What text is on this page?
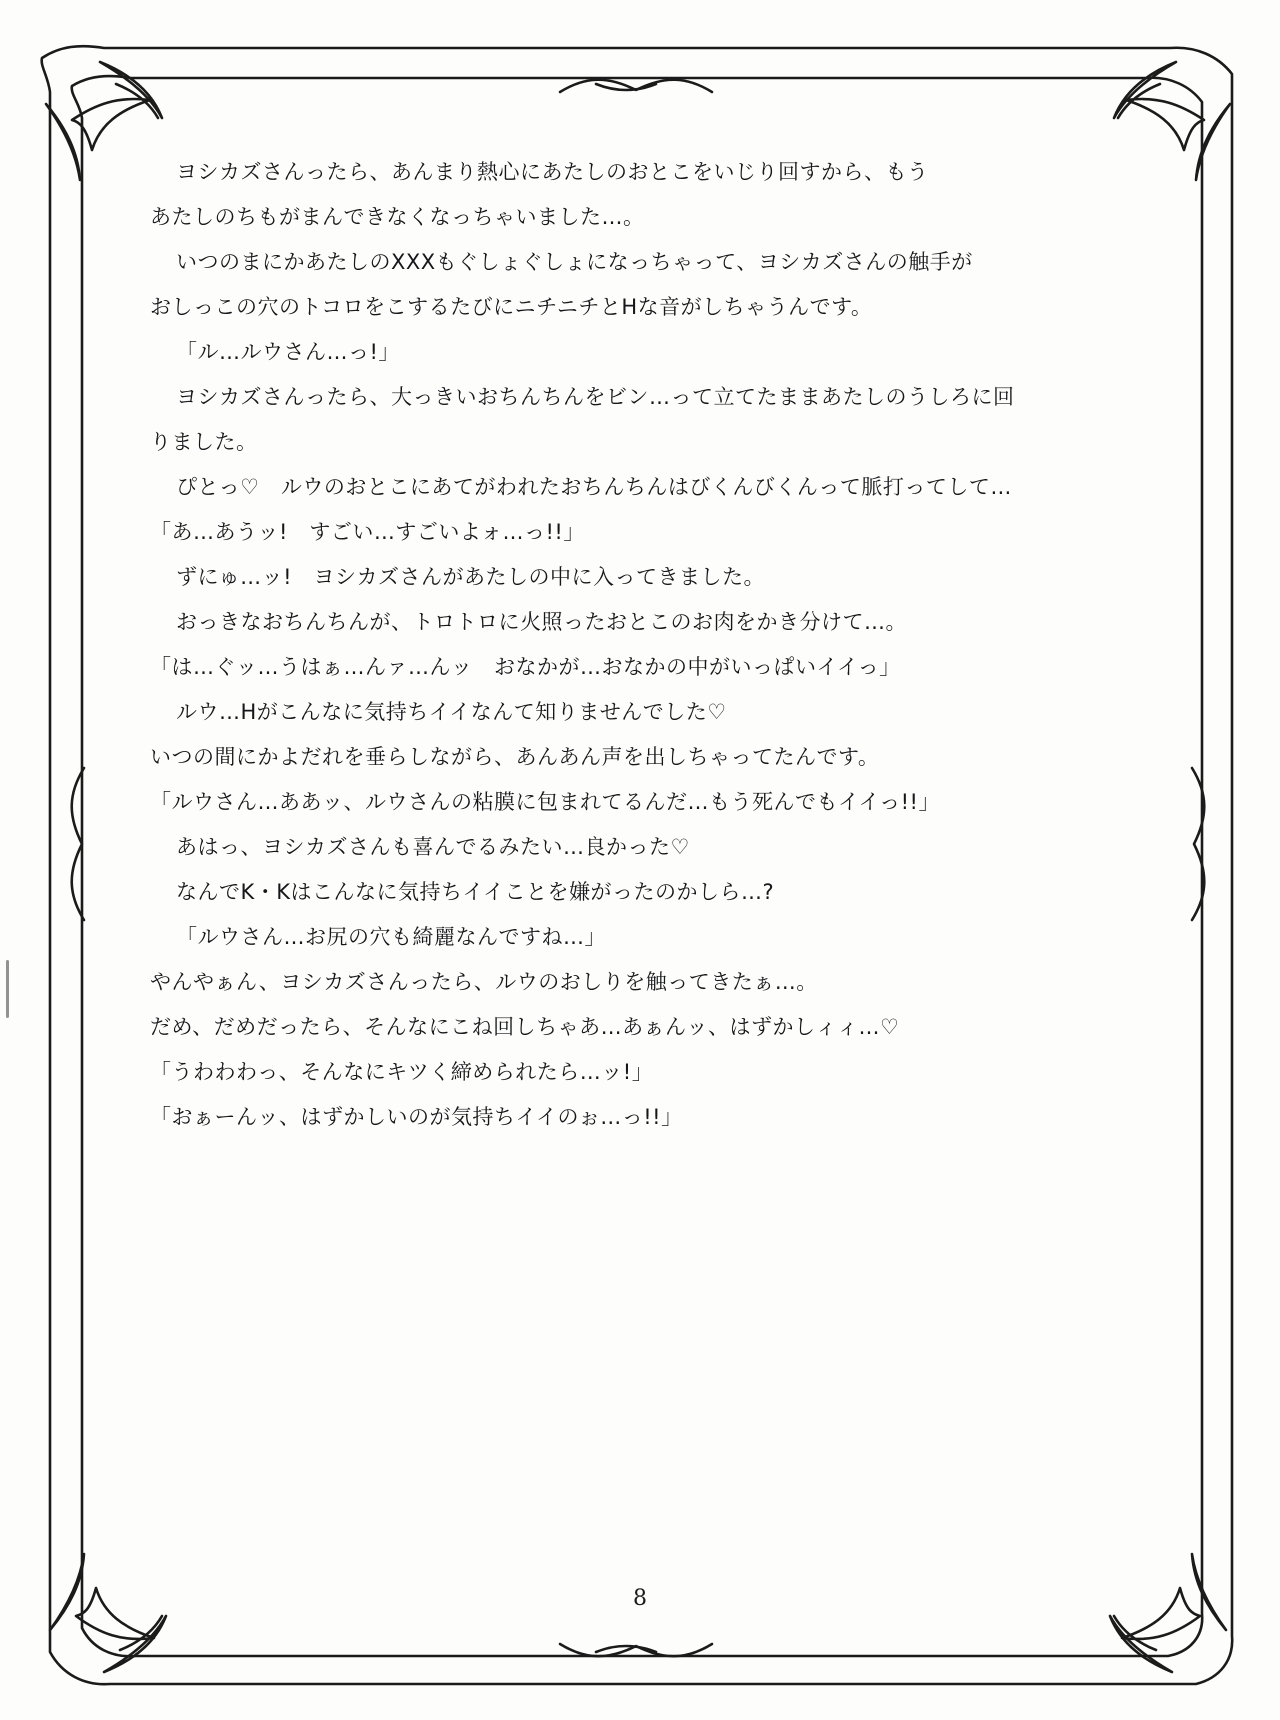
ヨシカズさんったら、あんまり熱心にあたしのおとこをいじり回すから、もう
あたしのちもがまんできなくなっちゃいました…。
いつのまにかあたしのXXXもぐしょぐしょになっちゃって、ヨシカズさんの触手が
おしっこの穴のトコロをこするたびにニチニチとHな音がしちゃうんです。
「ル…ルウさん…っ!」
ヨシカズさんったら、大っきいおちんちんをビン…って立てたままあたしのうしろに回りました。
ぴとっ♡　ルウのおとこにあてがわれたおちんちんはびくんびくんって脈打ってして…
「あ…あうッ!　すごい…すごいよォ…っ!!」
ずにゅ…ッ!　ヨシカズさんがあたしの中に入ってきました。
おっきなおちんちんが、トロトロに火照ったおとこのお肉をかき分けて…。
「は…ぐッ…うはぁ…んァ…んッ　おなかが…おなかの中がいっぱいイイっ」
ルウ…Hがこんなに気持ちイイなんて知りませんでした♡
いつの間にかよだれを垂らしながら、あんあん声を出しちゃってたんです。
「ルウさん…ああッ、ルウさんの粘膜に包まれてるんだ…もう死んでもイイっ!!」
あはっ、ヨシカズさんも喜んでるみたい…良かった♡
なんでK・Kはこんなに気持ちイイことを嫌がったのかしら…?
「ルウさん…お尻の穴も綺麗なんですね…」
やんやぁん、ヨシカズさんったら、ルウのおしりを触ってきたぁ…。
だめ、だめだったら、そんなにこね回しちゃあ…あぁんッ、はずかしィィ…♡
「うわわわっ、そんなにキツく締められたら…ッ!」
「おぁーんッ、はずかしいのが気持ちイイのぉ…っ!!」
8
